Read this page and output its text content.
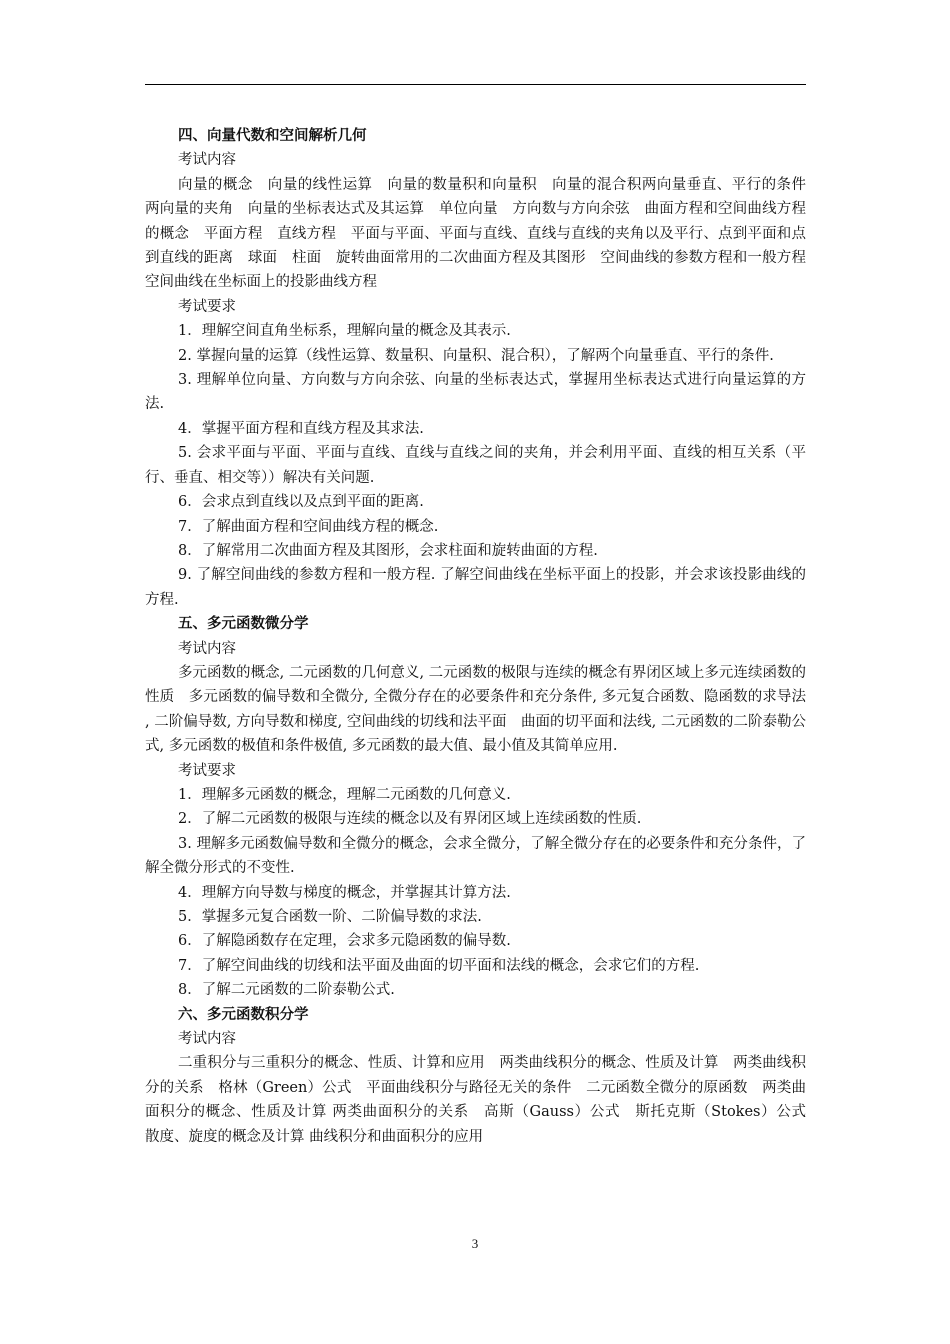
四、向量代数和空间解析几何

考试内容

向量的概念　向量的线性运算　向量的数量积和向量积　向量的混合积两向量垂直、平行的条件　两向量的夹角　向量的坐标表达式及其运算　单位向量　方向数与方向余弦　曲面方程和空间曲线方程的概念　平面方程　直线方程　平面与平面、平面与直线、直线与直线的夹角以及平行、点到平面和点到直线的距离　球面　柱面　旋转曲面常用的二次曲面方程及其图形　空间曲线的参数方程和一般方程空间曲线在坐标面上的投影曲线方程

考试要求

1．理解空间直角坐标系，理解向量的概念及其表示.

2. 掌握向量的运算（线性运算、数量积、向量积、混合积），了解两个向量垂直、平行的条件.

3. 理解单位向量、方向数与方向余弦、向量的坐标表达式，掌握用坐标表达式进行向量运算的方法.

4．掌握平面方程和直线方程及其求法.

5. 会求平面与平面、平面与直线、直线与直线之间的夹角，并会利用平面、直线的相互关系（平行、垂直、相交等））解决有关问题.

6．会求点到直线以及点到平面的距离.

7．了解曲面方程和空间曲线方程的概念.

8．了解常用二次曲面方程及其图形，会求柱面和旋转曲面的方程.

9. 了解空间曲线的参数方程和一般方程. 了解空间曲线在坐标平面上的投影，并会求该投影曲线的方程.

五、多元函数微分学

考试内容

多元函数的概念, 二元函数的几何意义, 二元函数的极限与连续的概念有界闭区域上多元连续函数的性质　多元函数的偏导数和全微分, 全微分存在的必要条件和充分条件, 多元复合函数、隐函数的求导法 , 二阶偏导数, 方向导数和梯度, 空间曲线的切线和法平面　曲面的切平面和法线, 二元函数的二阶泰勒公式, 多元函数的极值和条件极值, 多元函数的最大值、最小值及其简单应用.

考试要求

1．理解多元函数的概念，理解二元函数的几何意义.

2．了解二元函数的极限与连续的概念以及有界闭区域上连续函数的性质.

3. 理解多元函数偏导数和全微分的概念，会求全微分，了解全微分存在的必要条件和充分条件，了解全微分形式的不变性.

4．理解方向导数与梯度的概念，并掌握其计算方法.

5．掌握多元复合函数一阶、二阶偏导数的求法.

6．了解隐函数存在定理，会求多元隐函数的偏导数.

7．了解空间曲线的切线和法平面及曲面的切平面和法线的概念，会求它们的方程.

8．了解二元函数的二阶泰勒公式.

六、多元函数积分学

考试内容

二重积分与三重积分的概念、性质、计算和应用　两类曲线积分的概念、性质及计算　两类曲线积分的关系　格林（Green）公式　平面曲线积分与路径无关的条件　二元函数全微分的原函数　两类曲面积分的概念、性质及计算 两类曲面积分的关系　高斯（Gauss）公式　斯托克斯（Stokes）公式　散度、旋度的概念及计算 曲线积分和曲面积分的应用

3
